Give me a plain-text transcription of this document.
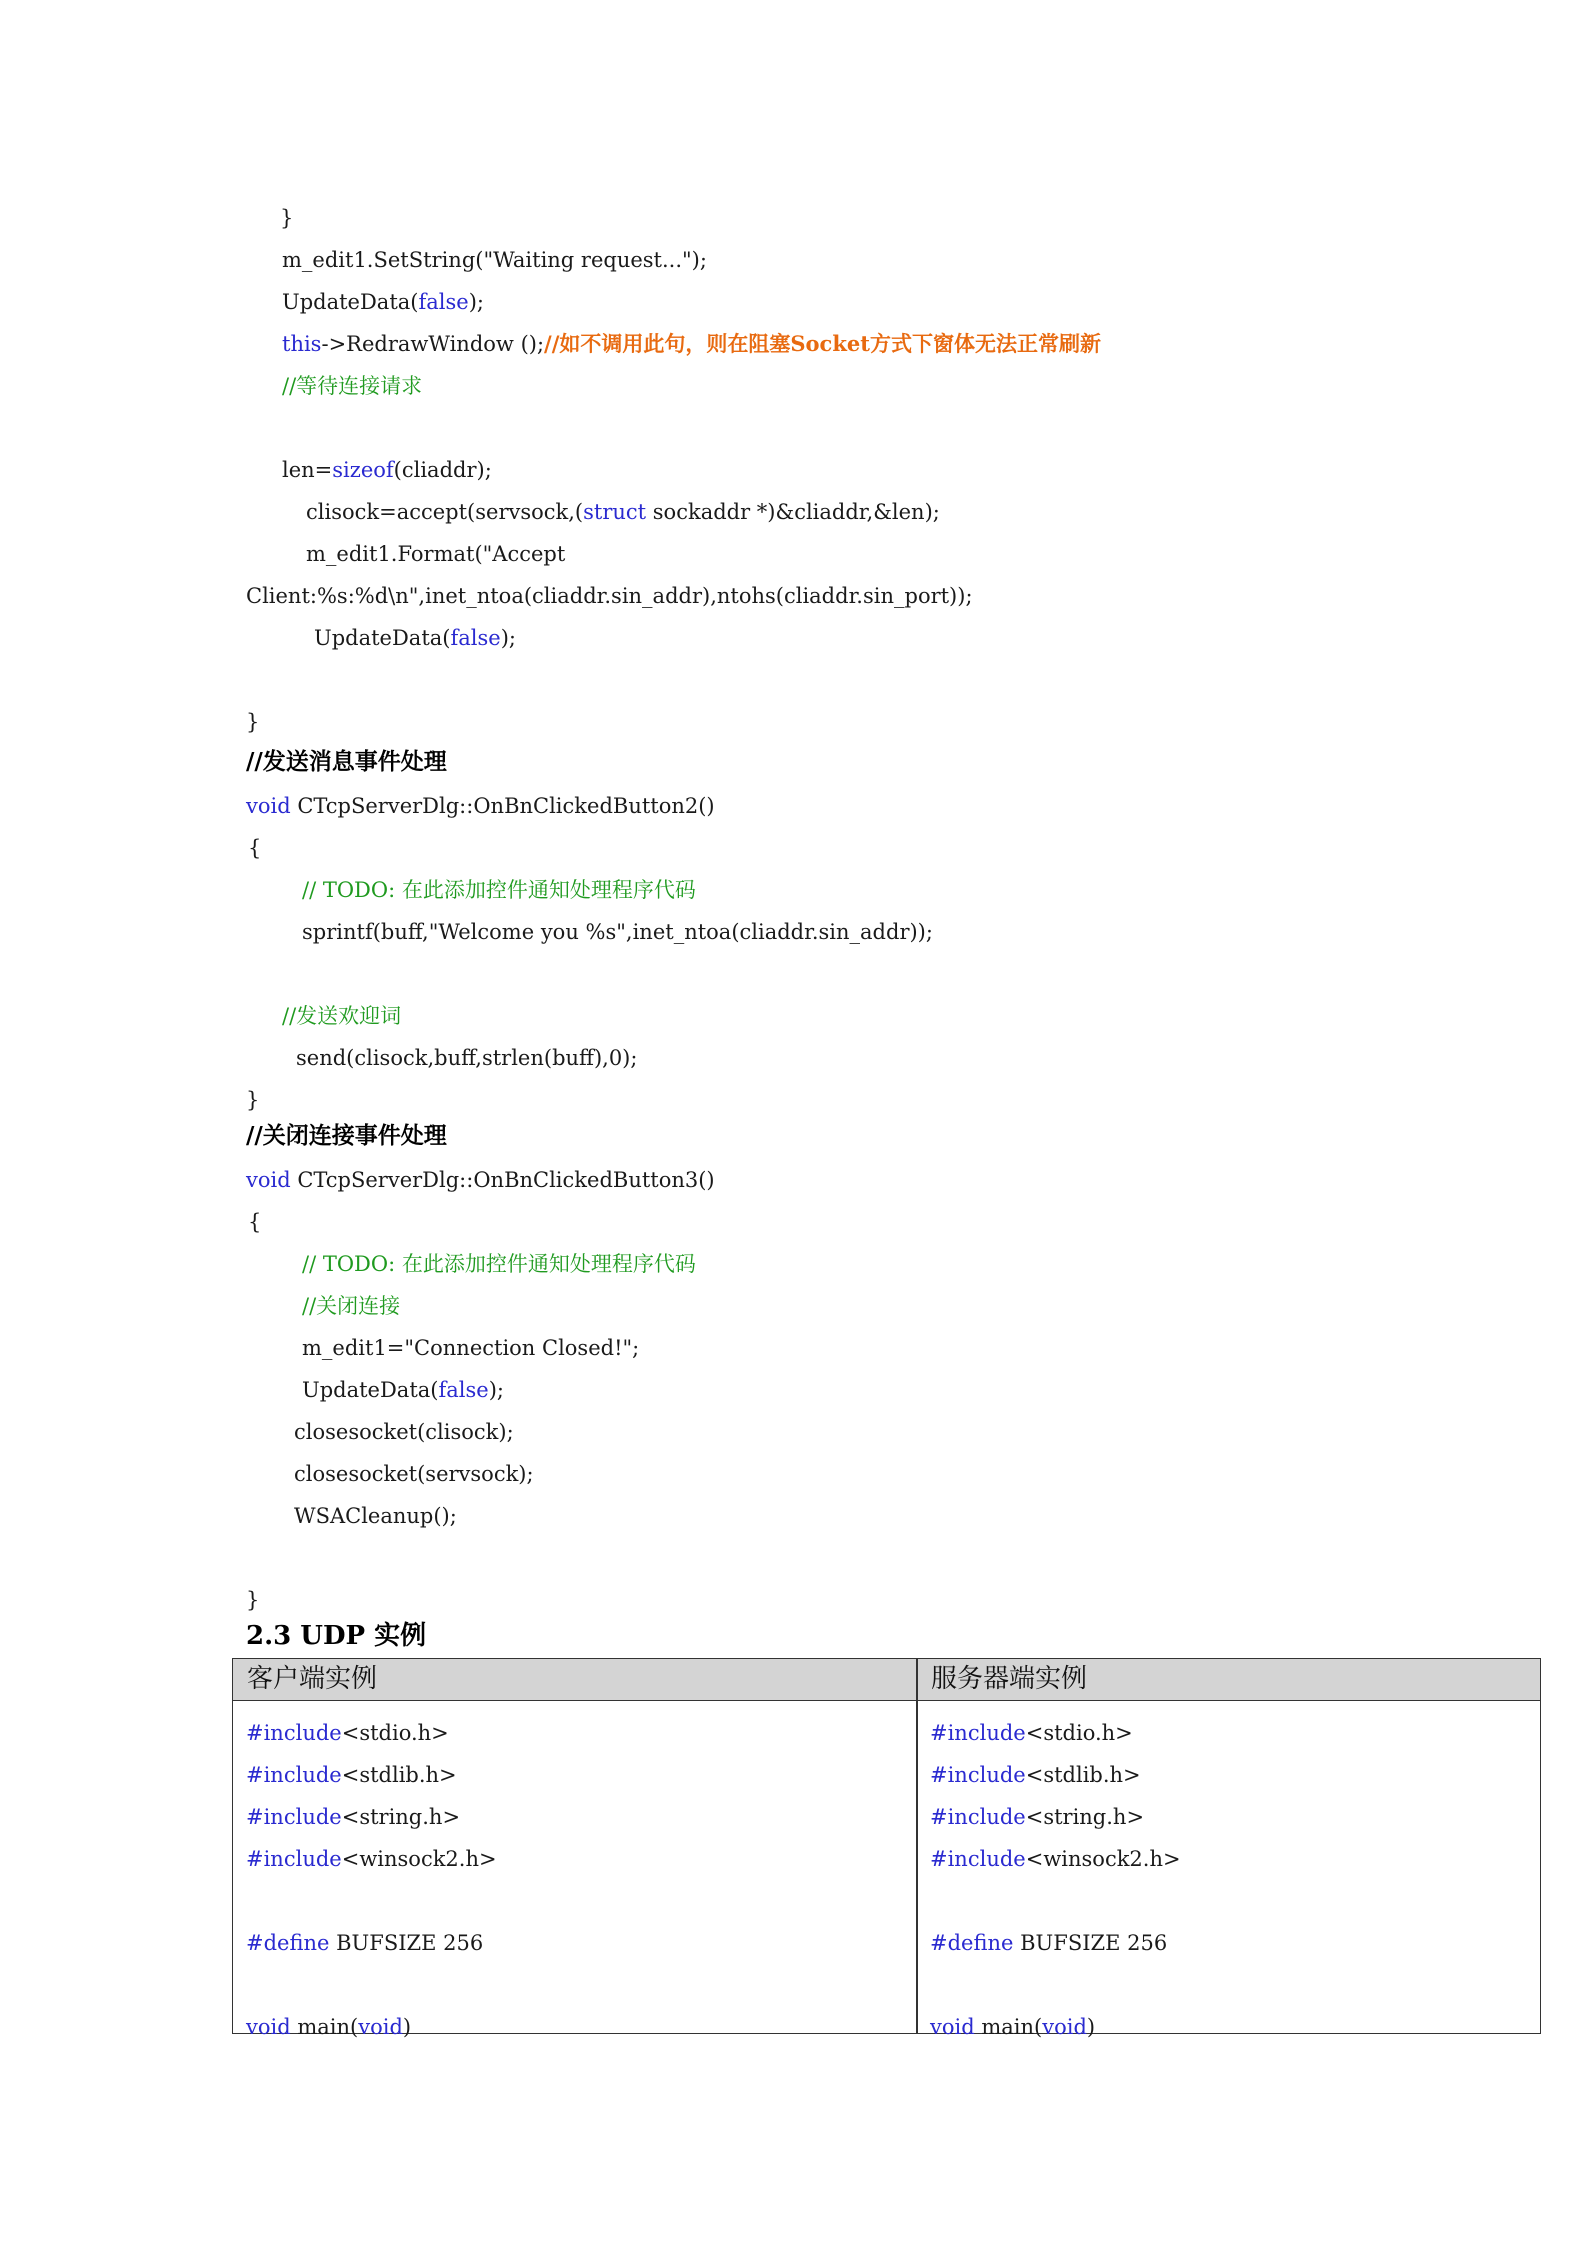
}
m_edit1.SetString("Waiting request...");
UpdateData(false);
this->RedrawWindow ();//如不调用此句，则在阻塞Socket方式下窗体无法正常刷新
//等待连接请求
len=sizeof(cliaddr);
clisock=accept(servsock,(struct sockaddr *)&cliaddr,&len);
m_edit1.Format("Accept
Client:%s:%d\n",inet_ntoa(cliaddr.sin_addr),ntohs(cliaddr.sin_port));
UpdateData(false);
}
//发送消息事件处理
void CTcpServerDlg::OnBnClickedButton2()
{
// TODO: 在此添加控件通知处理程序代码
sprintf(buff,"Welcome you %s",inet_ntoa(cliaddr.sin_addr));
//发送欢迎词
send(clisock,buff,strlen(buff),0);
}
//关闭连接事件处理
void CTcpServerDlg::OnBnClickedButton3()
{
// TODO: 在此添加控件通知处理程序代码
//关闭连接
m_edit1="Connection Closed!";
UpdateData(false);
closesocket(clisock);
closesocket(servsock);
WSACleanup();
}
2.3 UDP 实例
客户端实例	服务器端实例
#include<stdio.h>
#include<stdlib.h>
#include<string.h>
#include<winsock2.h>
#define BUFSIZE 256
void main(void)
#include<stdio.h>
#include<stdlib.h>
#include<string.h>
#include<winsock2.h>
#define BUFSIZE 256
void main(void)
